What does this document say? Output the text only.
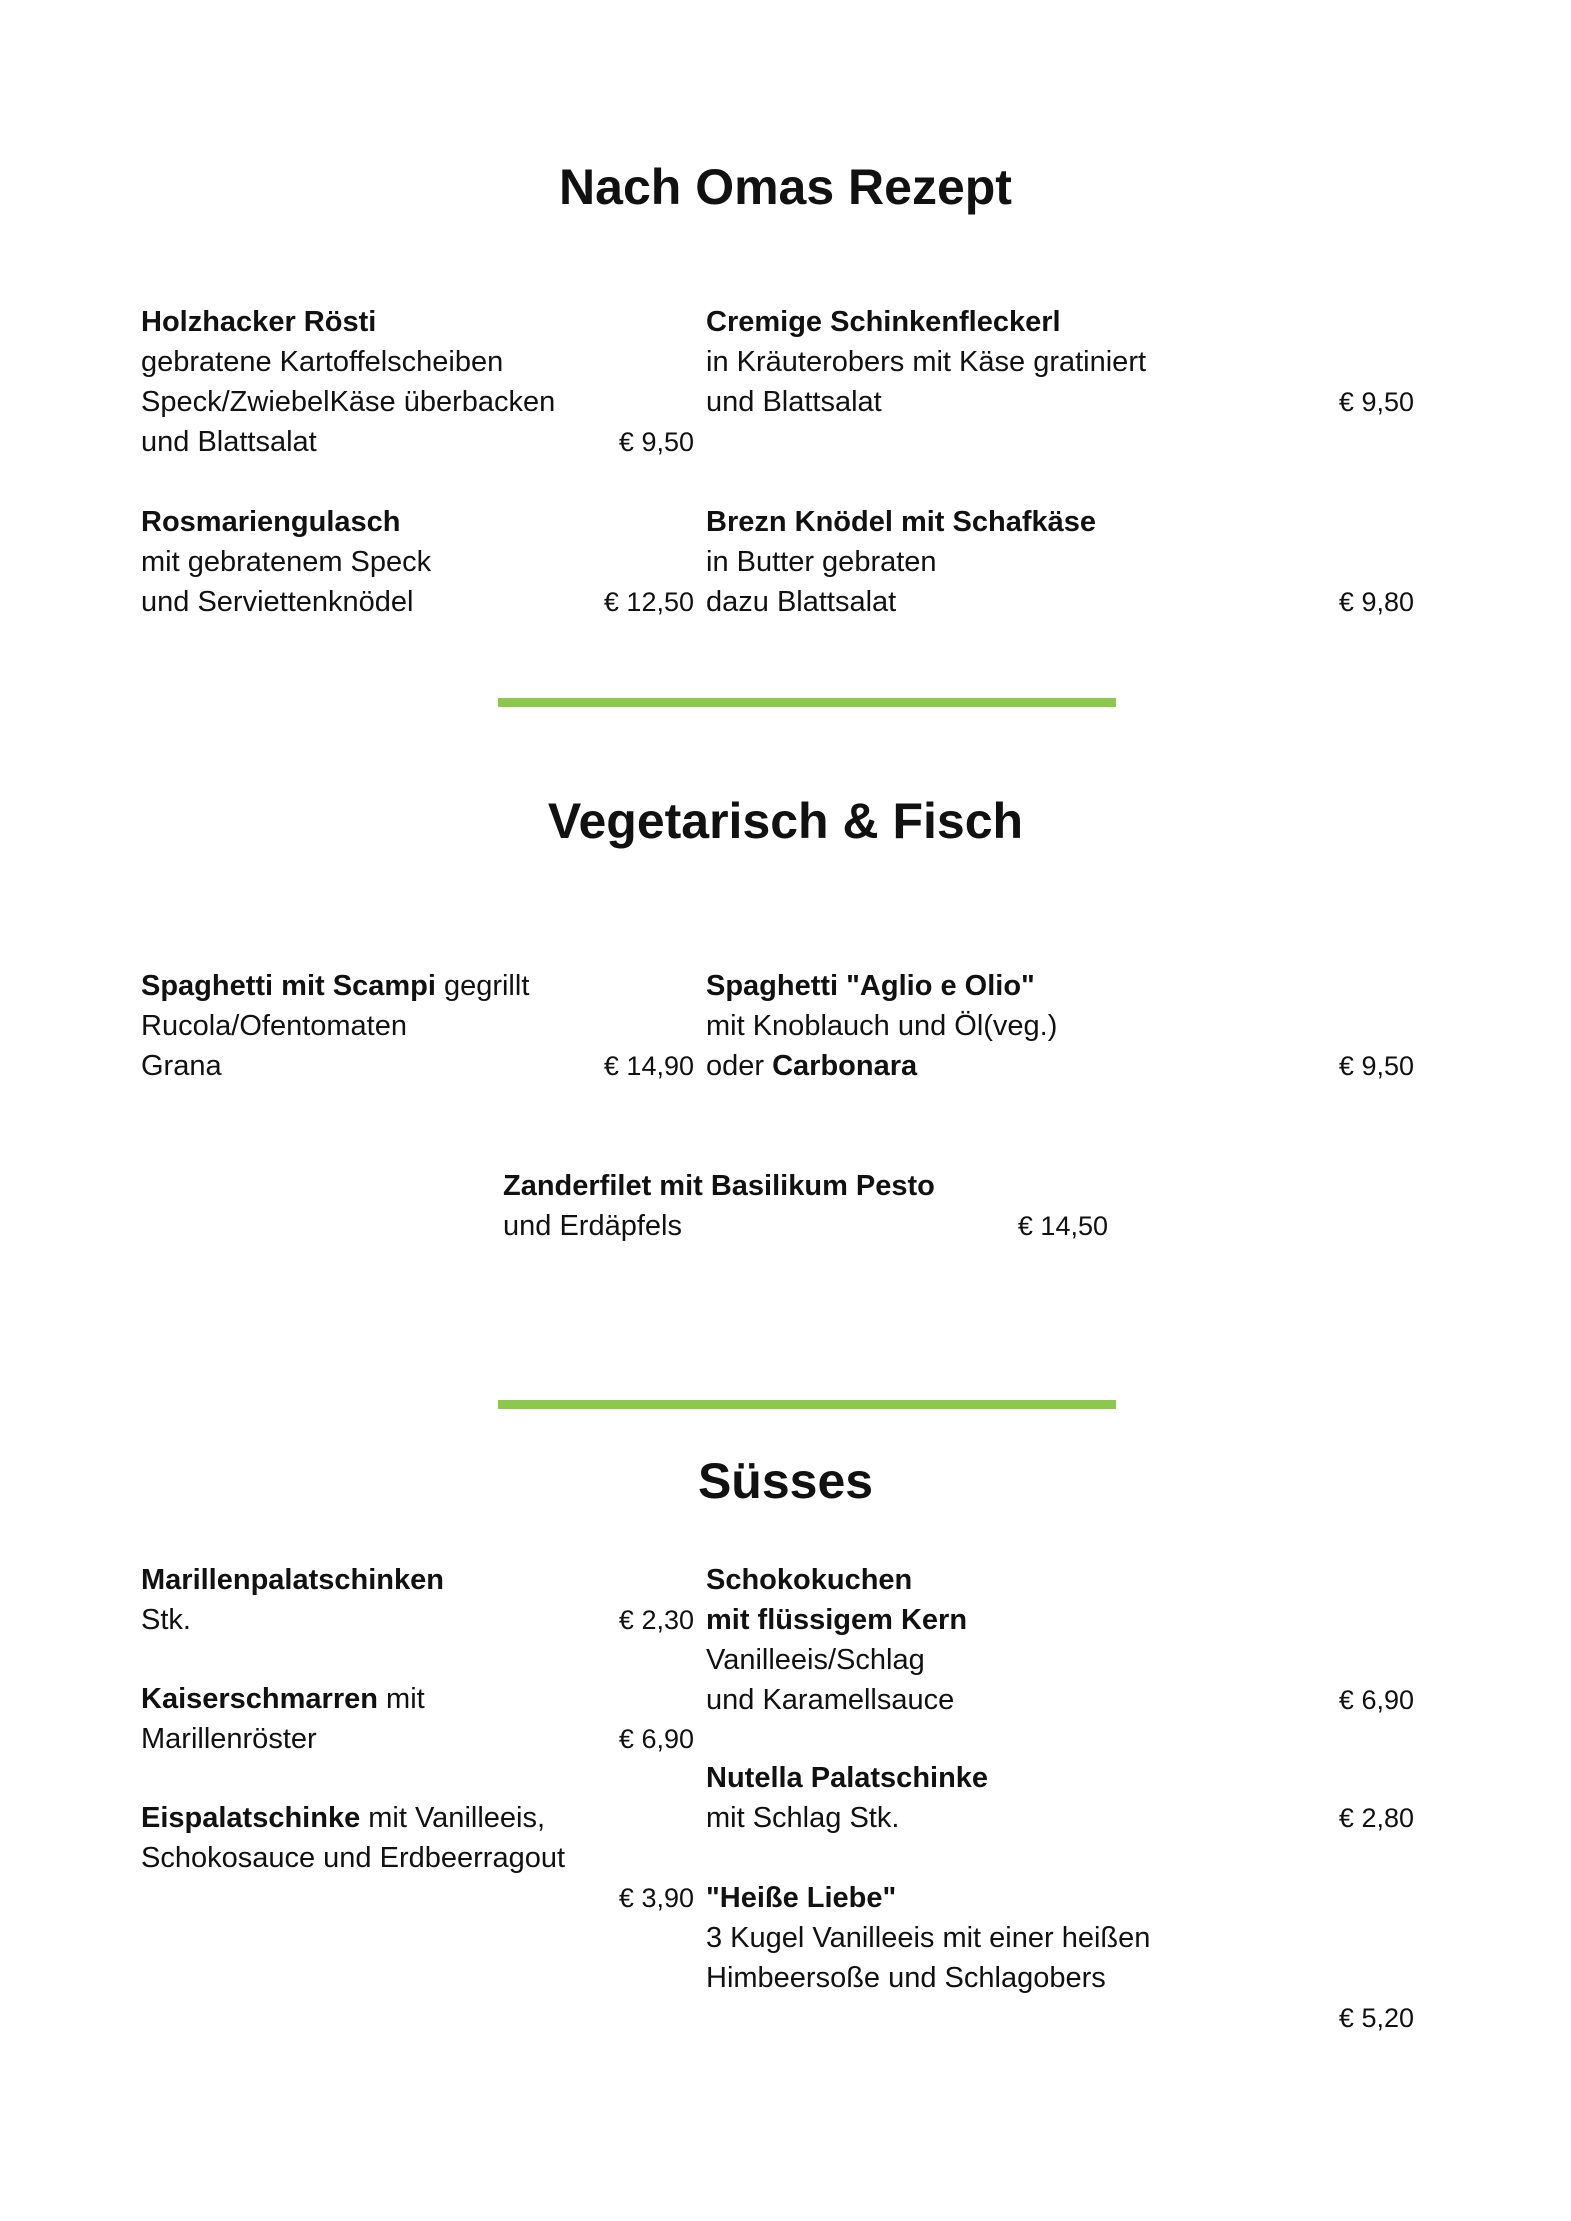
Nach Omas Rezept
Holzhacker Rösti
gebratene Kartoffelscheiben
Speck/ZwiebelKäse überbacken
und Blattsalat	€ 9,50
Cremige Schinkenfleckerl
in Kräuterobers mit Käse gratiniert
und Blattsalat	€ 9,50
Rosmariengulasch
mit gebratenem Speck
und Serviettenknödel	€ 12,50
Brezn Knödel mit Schafkäse
in Butter gebraten
dazu Blattsalat	€ 9,80
Vegetarisch & Fisch
Spaghetti mit Scampi gegrillt
Rucola/Ofentomaten
Grana	€ 14,90
Spaghetti "Aglio e Olio"
mit Knoblauch und Öl(veg.)
oder Carbonara	€ 9,50
Zanderfilet mit Basilikum Pesto
und Erdäpfels	€ 14,50
Süsses
Marillenpalatschinken
Stk.	€ 2,30
Kaiserschmarren mit
Marillenröster	€ 6,90
Eispalatschinke mit Vanilleeis,
Schokosauce und Erdbeerragout
€ 3,90
Schokokuchen
mit flüssigem Kern
Vanilleeis/Schlag
und Karamellsauce	€ 6,90
Nutella Palatschinke
mit Schlag Stk.	€ 2,80
"Heiße Liebe"
3 Kugel Vanilleeis mit einer heißen
Himbeersoße und Schlagobers
€ 5,20
